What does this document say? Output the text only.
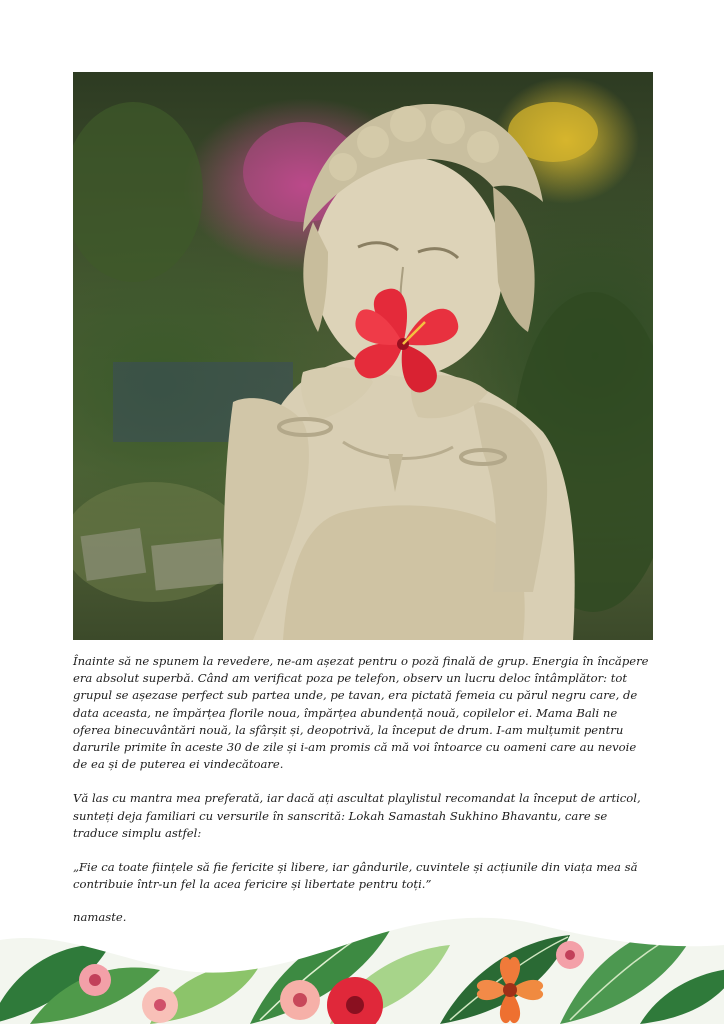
Înainte să ne spunem la revedere, ne-am așezat pentru o poză finală de grup. Energia în încăpere era absolut superbă. Când am verificat poza pe telefon, observ un lucru deloc întâmplător: tot grupul se așezase perfect sub partea unde, pe tavan, era pictată femeia cu părul negru care, de data aceasta, ne împărțea florile noua, împărțea abundență nouă, copilelor ei. Mama Bali ne oferea binecuvântări nouă, la sfârșit și, deopotrivă, la început de drum. I-am mulțumit pentru darurile primite în aceste 30 de zile și i-am promis că mă voi întoarce cu oameni care au nevoie de ea și de puterea ei vindecătoare.

Vă las cu mantra mea preferată, iar dacă ați ascultat playlistul recomandat la început de articol, sunteți deja familiari cu versurile în sanscrită: Lokah Samastah Sukhino Bhavantu, care se traduce simplu astfel:

„Fie ca toate ființele să fie fericite și libere, iar gândurile, cuvintele și acțiunile din viața mea să contribuie într-un fel la acea fericire și libertate pentru toți.”

namaste.
